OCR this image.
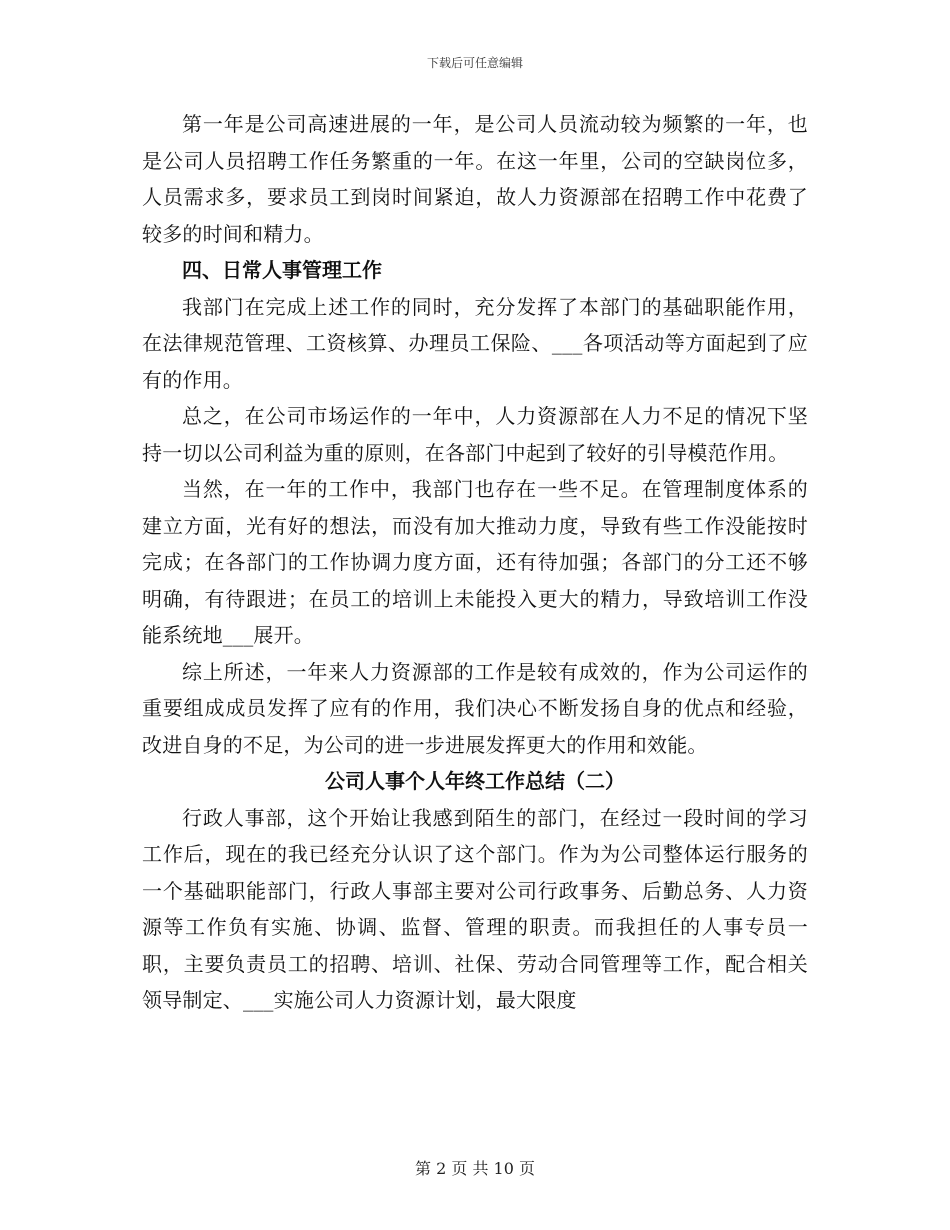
下载后可任意编辑

第一年是公司高速进展的一年，是公司人员流动较为频繁的一年，也是公司人员招聘工作任务繁重的一年。在这一年里，公司的空缺岗位多，人员需求多，要求员工到岗时间紧迫，故人力资源部在招聘工作中花费了较多的时间和精力。

四、日常人事管理工作

我部门在完成上述工作的同时，充分发挥了本部门的基础职能作用，在法律规范管理、工资核算、办理员工保险、___各项活动等方面起到了应有的作用。

总之，在公司市场运作的一年中，人力资源部在人力不足的情况下坚持一切以公司利益为重的原则，在各部门中起到了较好的引导模范作用。

当然，在一年的工作中，我部门也存在一些不足。在管理制度体系的建立方面，光有好的想法，而没有加大推动力度，导致有些工作没能按时完成；在各部门的工作协调力度方面，还有待加强；各部门的分工还不够明确，有待跟进；在员工的培训上未能投入更大的精力，导致培训工作没能系统地___展开。

综上所述，一年来人力资源部的工作是较有成效的，作为公司运作的重要组成成员发挥了应有的作用，我们决心不断发扬自身的优点和经验，改进自身的不足，为公司的进一步进展发挥更大的作用和效能。

公司人事个人年终工作总结（二）

行政人事部，这个开始让我感到陌生的部门，在经过一段时间的学习工作后，现在的我已经充分认识了这个部门。作为为公司整体运行服务的一个基础职能部门，行政人事部主要对公司行政事务、后勤总务、人力资源等工作负有实施、协调、监督、管理的职责。而我担任的人事专员一职，主要负责员工的招聘、培训、社保、劳动合同管理等工作，配合相关领导制定、___实施公司人力资源计划，最大限度

第 2 页 共 10 页
